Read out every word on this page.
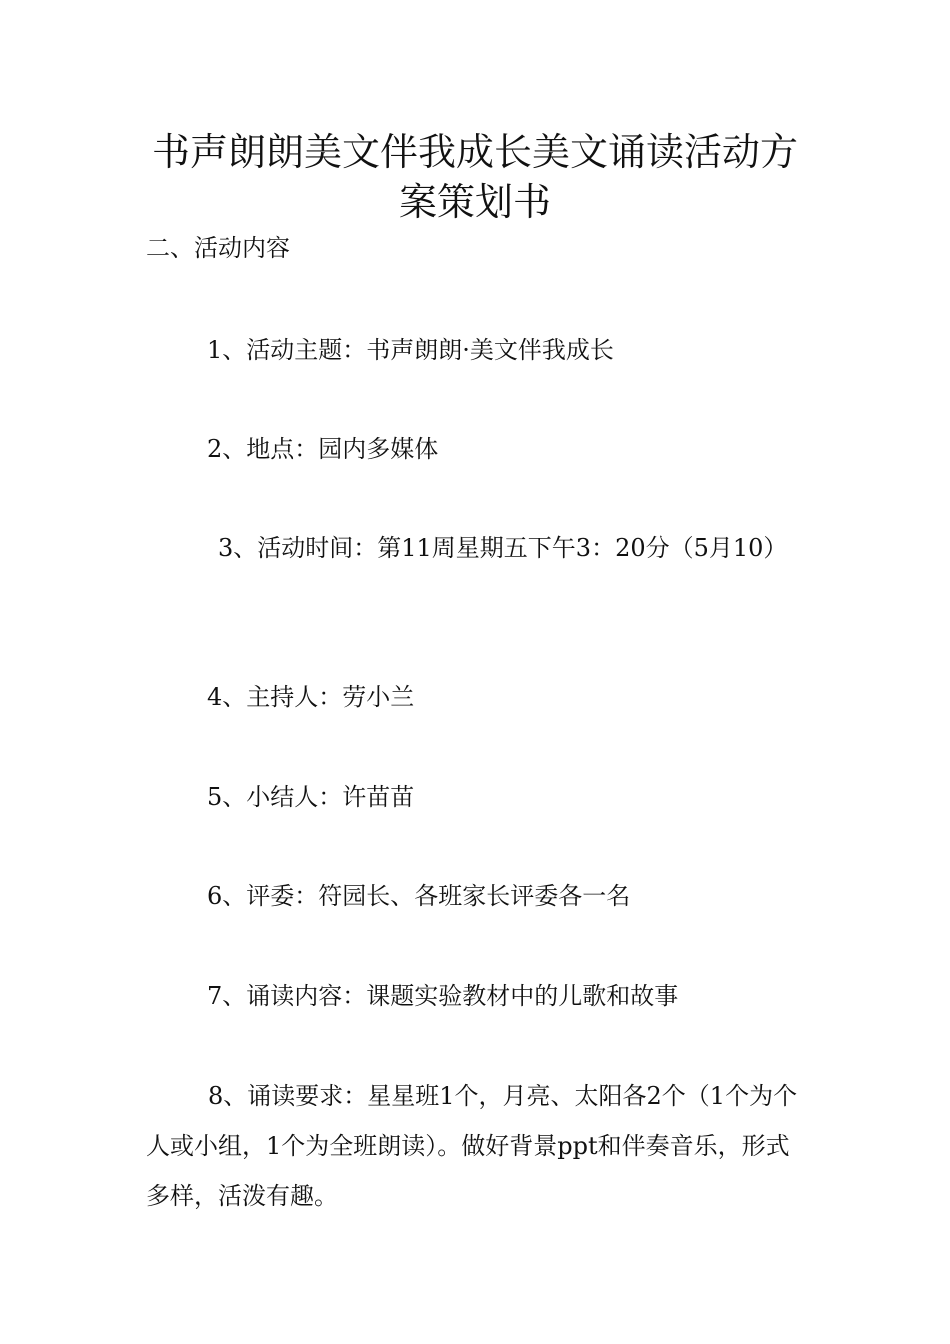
书声朗朗美文伴我成长美文诵读活动方
案策划书

二、活动内容

1、活动主题：书声朗朗·美文伴我成长

2、地点：园内多媒体

3、活动时间：第11周星期五下午3：20分（5月10）

4、主持人：劳小兰

5、小结人：许苗苗

6、评委：符园长、各班家长评委各一名

7、诵读内容：课题实验教材中的儿歌和故事

8、诵读要求：星星班1个，月亮、太阳各2个（1个为个人或小组，1个为全班朗读）。做好背景ppt和伴奏音乐，形式多样，活泼有趣。
